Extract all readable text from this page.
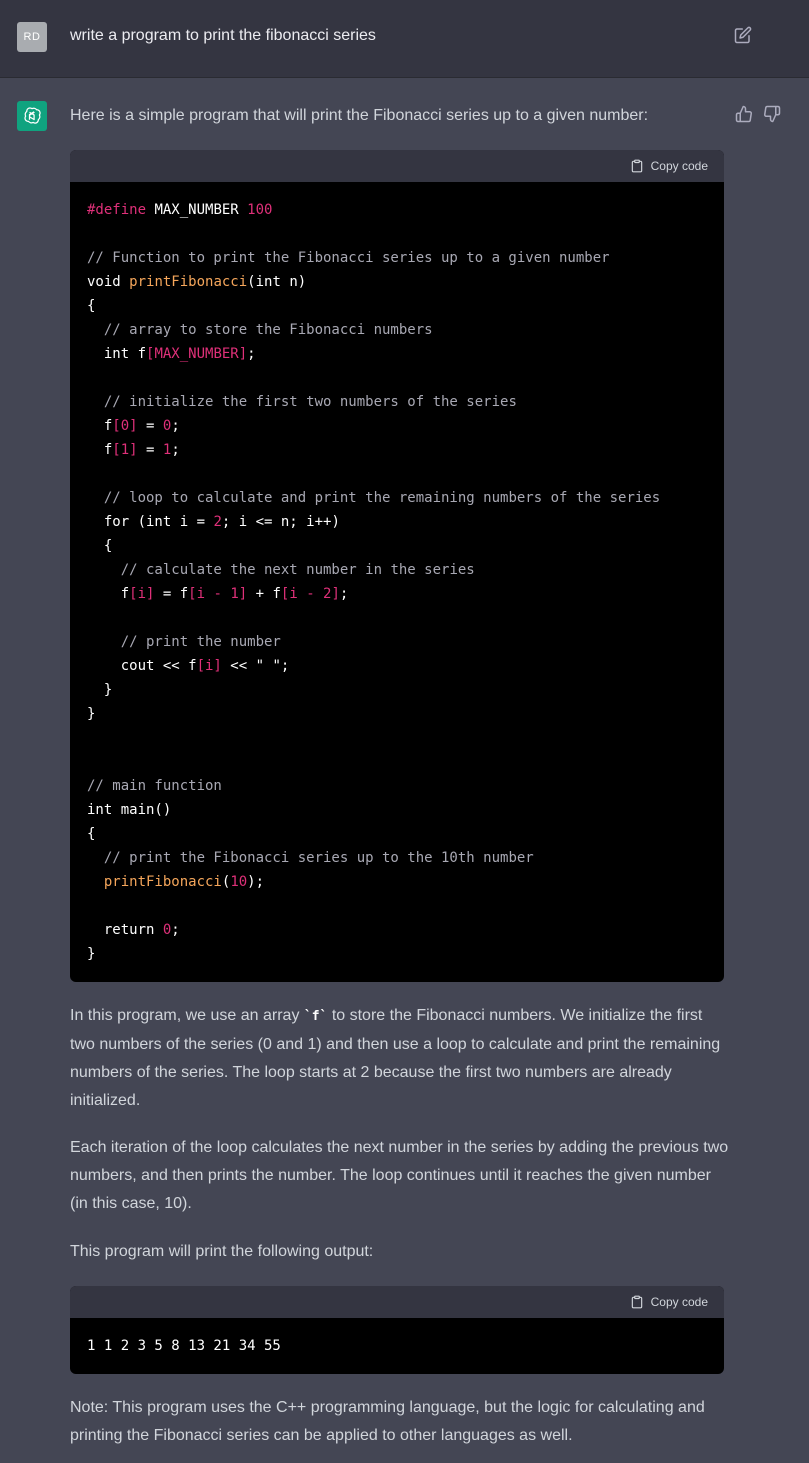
RD	write a program to print the fibonacci series
Here is a simple program that will print the Fibonacci series up to a given number:
Copy code
#define MAX_NUMBER 100

// Function to print the Fibonacci series up to a given number
void printFibonacci(int n)
{
// array to store the Fibonacci numbers
int f[MAX_NUMBER];

// initialize the first two numbers of the series
f[0] = 0;
f[1] = 1;

// loop to calculate and print the remaining numbers of the series
for (int i = 2; i <= n; i++)
{
// calculate the next number in the series
f[i] = f[i - 1] + f[i - 2];

// print the number
cout << f[i] << " ";
}
}

// main function
int main()
{
// print the Fibonacci series up to the 10th number
printFibonacci(10);

return 0;
}
In this program, we use an array `f` to store the Fibonacci numbers. We initialize the first two numbers of the series (0 and 1) and then use a loop to calculate and print the remaining numbers of the series. The loop starts at 2 because the first two numbers are already initialized.
Each iteration of the loop calculates the next number in the series by adding the previous two numbers, and then prints the number. The loop continues until it reaches the given number (in this case, 10).
This program will print the following output:
Copy code
1 1 2 3 5 8 13 21 34 55
Note: This program uses the C++ programming language, but the logic for calculating and printing the Fibonacci series can be applied to other languages as well.
